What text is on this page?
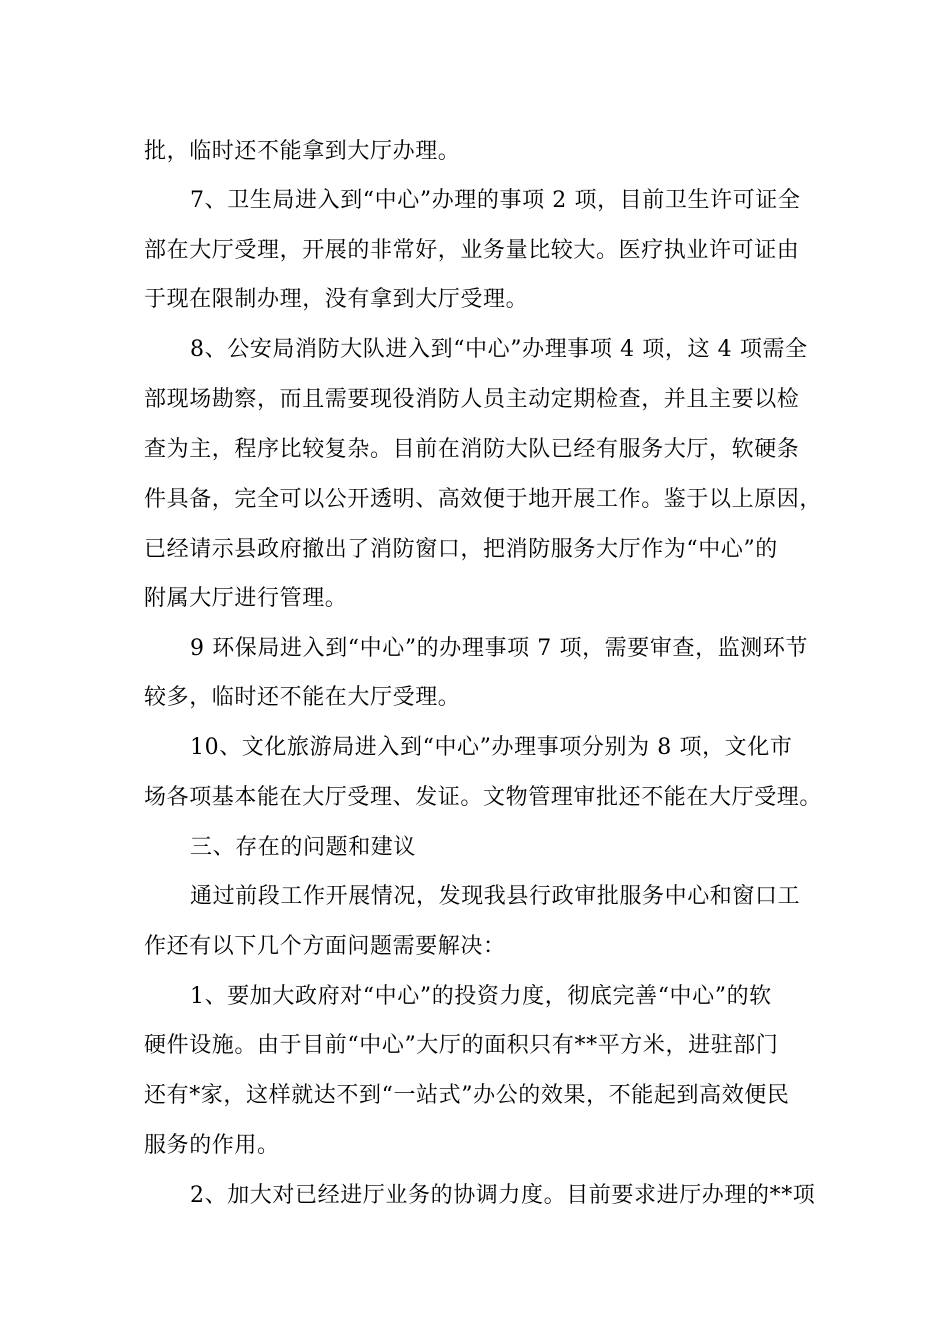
批，临时还不能拿到大厅办理。
7、卫生局进入到“中心”办理的事项 2 项，目前卫生许可证全
部在大厅受理，开展的非常好，业务量比较大。医疗执业许可证由
于现在限制办理，没有拿到大厅受理。
8、公安局消防大队进入到“中心”办理事项 4 项，这 4 项需全
部现场勘察，而且需要现役消防人员主动定期检查，并且主要以检
查为主，程序比较复杂。目前在消防大队已经有服务大厅，软硬条
件具备，完全可以公开透明、高效便于地开展工作。鉴于以上原因，
已经请示县政府撤出了消防窗口，把消防服务大厅作为“中心”的
附属大厅进行管理。
9 环保局进入到“中心”的办理事项 7 项，需要审查，监测环节
较多，临时还不能在大厅受理。
10、文化旅游局进入到“中心”办理事项分别为 8 项，文化市
场各项基本能在大厅受理、发证。文物管理审批还不能在大厅受理。
三、存在的问题和建议
通过前段工作开展情况，发现我县行政审批服务中心和窗口工
作还有以下几个方面问题需要解决：
1、要加大政府对“中心”的投资力度，彻底完善“中心”的软
硬件设施。由于目前“中心”大厅的面积只有**平方米，进驻部门
还有*家，这样就达不到“一站式”办公的效果，不能起到高效便民
服务的作用。
2、加大对已经进厅业务的协调力度。目前要求进厅办理的**项
